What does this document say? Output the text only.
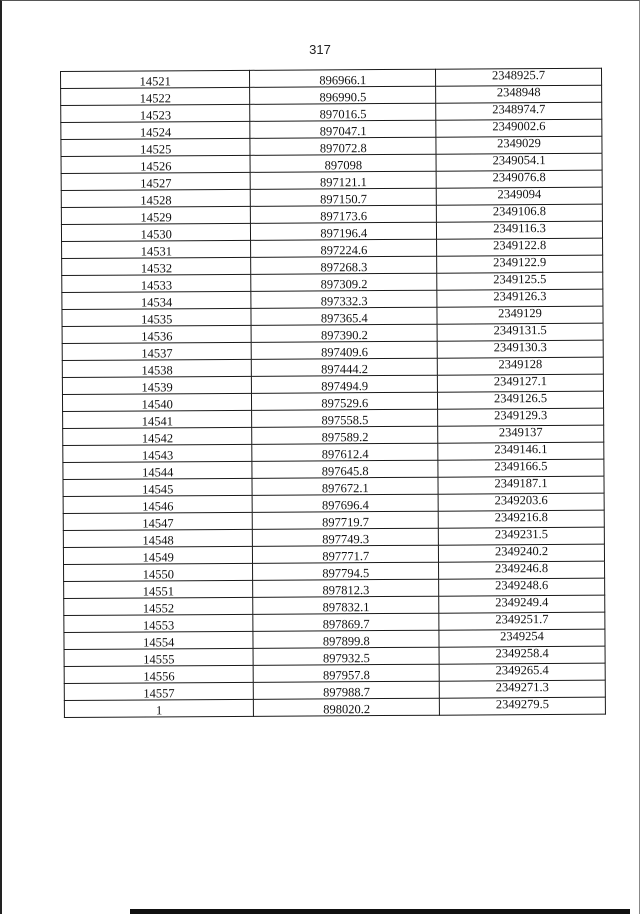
317
14521	896966.1	2348925.7
14522	896990.5	2348948
14523	897016.5	2348974.7
14524	897047.1	2349002.6
14525	897072.8	2349029
14526	897098	2349054.1
14527	897121.1	2349076.8
14528	897150.7	2349094
14529	897173.6	2349106.8
14530	897196.4	2349116.3
14531	897224.6	2349122.8
14532	897268.3	2349122.9
14533	897309.2	2349125.5
14534	897332.3	2349126.3
14535	897365.4	2349129
14536	897390.2	2349131.5
14537	897409.6	2349130.3
14538	897444.2	2349128
14539	897494.9	2349127.1
14540	897529.6	2349126.5
14541	897558.5	2349129.3
14542	897589.2	2349137
14543	897612.4	2349146.1
14544	897645.8	2349166.5
14545	897672.1	2349187.1
14546	897696.4	2349203.6
14547	897719.7	2349216.8
14548	897749.3	2349231.5
14549	897771.7	2349240.2
14550	897794.5	2349246.8
14551	897812.3	2349248.6
14552	897832.1	2349249.4
14553	897869.7	2349251.7
14554	897899.8	2349254
14555	897932.5	2349258.4
14556	897957.8	2349265.4
14557	897988.7	2349271.3
1	898020.2	2349279.5
